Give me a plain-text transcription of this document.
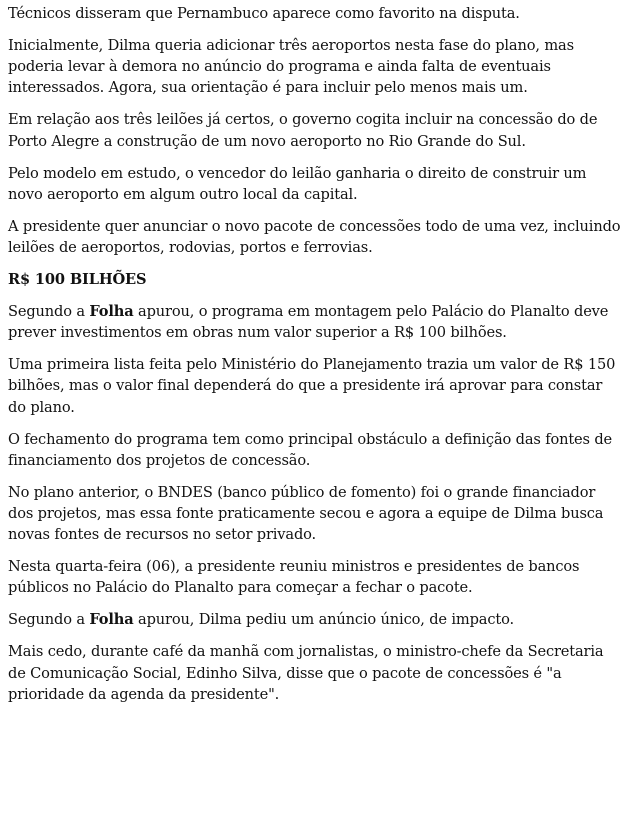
Técnicos disseram que Pernambuco aparece como favorito na disputa.

Inicialmente, Dilma queria adicionar três aeroportos nesta fase do plano, mas poderia levar à demora no anúncio do programa e ainda falta de eventuais interessados. Agora, sua orientação é para incluir pelo menos mais um.

Em relação aos três leilões já certos, o governo cogita incluir na concessão do de Porto Alegre a construção de um novo aeroporto no Rio Grande do Sul.

Pelo modelo em estudo, o vencedor do leilão ganharia o direito de construir um novo aeroporto em algum outro local da capital.

A presidente quer anunciar o novo pacote de concessões todo de uma vez, incluindo leilões de aeroportos, rodovias, portos e ferrovias.

R$ 100 BILHÕES

Segundo a Folha apurou, o programa em montagem pelo Palácio do Planalto deve prever investimentos em obras num valor superior a R$ 100 bilhões.

Uma primeira lista feita pelo Ministério do Planejamento trazia um valor de R$ 150 bilhões, mas o valor final dependerá do que a presidente irá aprovar para constar do plano.

O fechamento do programa tem como principal obstáculo a definição das fontes de financiamento dos projetos de concessão.

No plano anterior, o BNDES (banco público de fomento) foi o grande financiador dos projetos, mas essa fonte praticamente secou e agora a equipe de Dilma busca novas fontes de recursos no setor privado.

Nesta quarta-feira (06), a presidente reuniu ministros e presidentes de bancos públicos no Palácio do Planalto para começar a fechar o pacote.

Segundo a Folha apurou, Dilma pediu um anúncio único, de impacto.

Mais cedo, durante café da manhã com jornalistas, o ministro-chefe da Secretaria de Comunicação Social, Edinho Silva, disse que o pacote de concessões é "a prioridade da agenda da presidente".
